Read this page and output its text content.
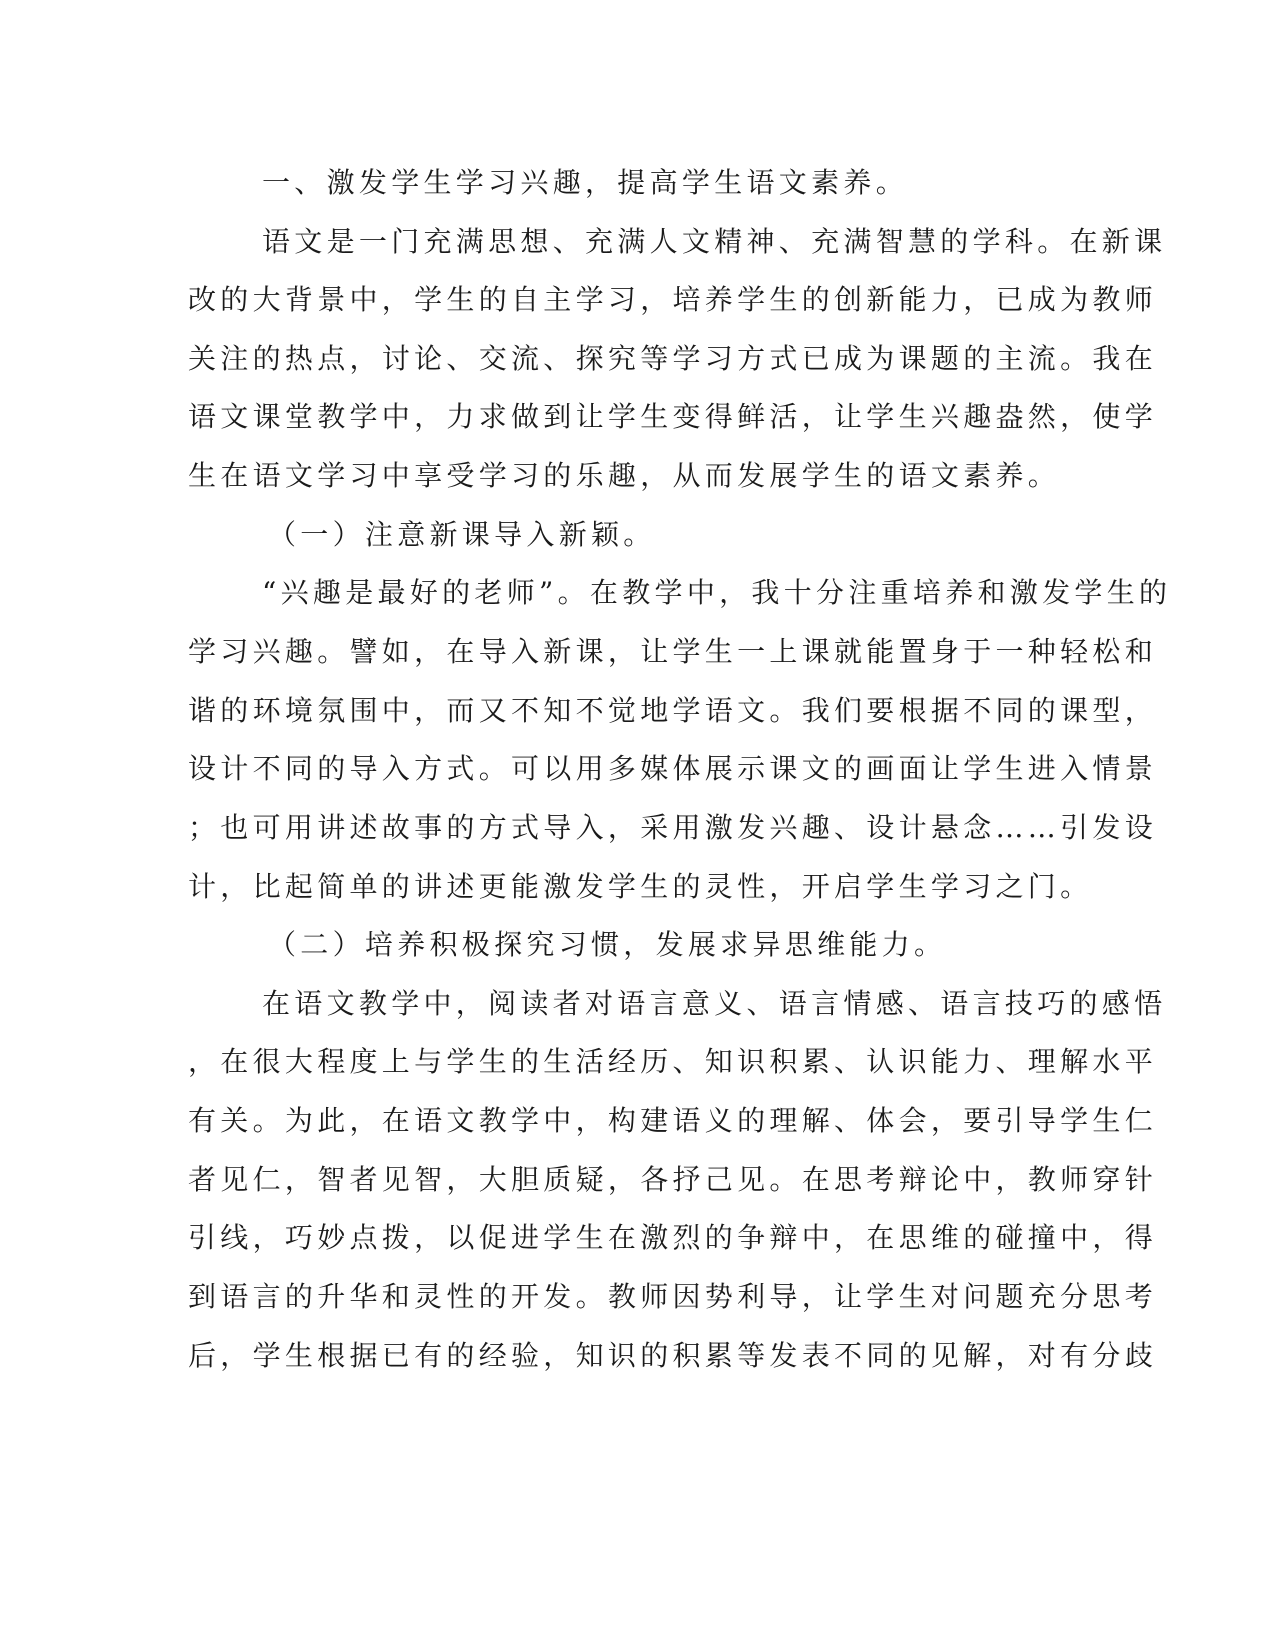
一、激发学生学习兴趣，提高学生语文素养。
语文是一门充满思想、充满人文精神、充满智慧的学科。在新课
改的大背景中，学生的自主学习，培养学生的创新能力，已成为教师
关注的热点，讨论、交流、探究等学习方式已成为课题的主流。我在
语文课堂教学中，力求做到让学生变得鲜活，让学生兴趣盎然，使学
生在语文学习中享受学习的乐趣，从而发展学生的语文素养。
（一）注意新课导入新颖。
“兴趣是最好的老师”。在教学中，我十分注重培养和激发学生的
学习兴趣。譬如，在导入新课，让学生一上课就能置身于一种轻松和
谐的环境氛围中，而又不知不觉地学语文。我们要根据不同的课型，
设计不同的导入方式。可以用多媒体展示课文的画面让学生进入情景
；也可用讲述故事的方式导入，采用激发兴趣、设计悬念……引发设
计，比起简单的讲述更能激发学生的灵性，开启学生学习之门。
（二）培养积极探究习惯，发展求异思维能力。
在语文教学中，阅读者对语言意义、语言情感、语言技巧的感悟
，在很大程度上与学生的生活经历、知识积累、认识能力、理解水平
有关。为此，在语文教学中，构建语义的理解、体会，要引导学生仁
者见仁，智者见智，大胆质疑，各抒己见。在思考辩论中，教师穿针
引线，巧妙点拨，以促进学生在激烈的争辩中，在思维的碰撞中，得
到语言的升华和灵性的开发。教师因势利导，让学生对问题充分思考
后，学生根据已有的经验，知识的积累等发表不同的见解，对有分歧
